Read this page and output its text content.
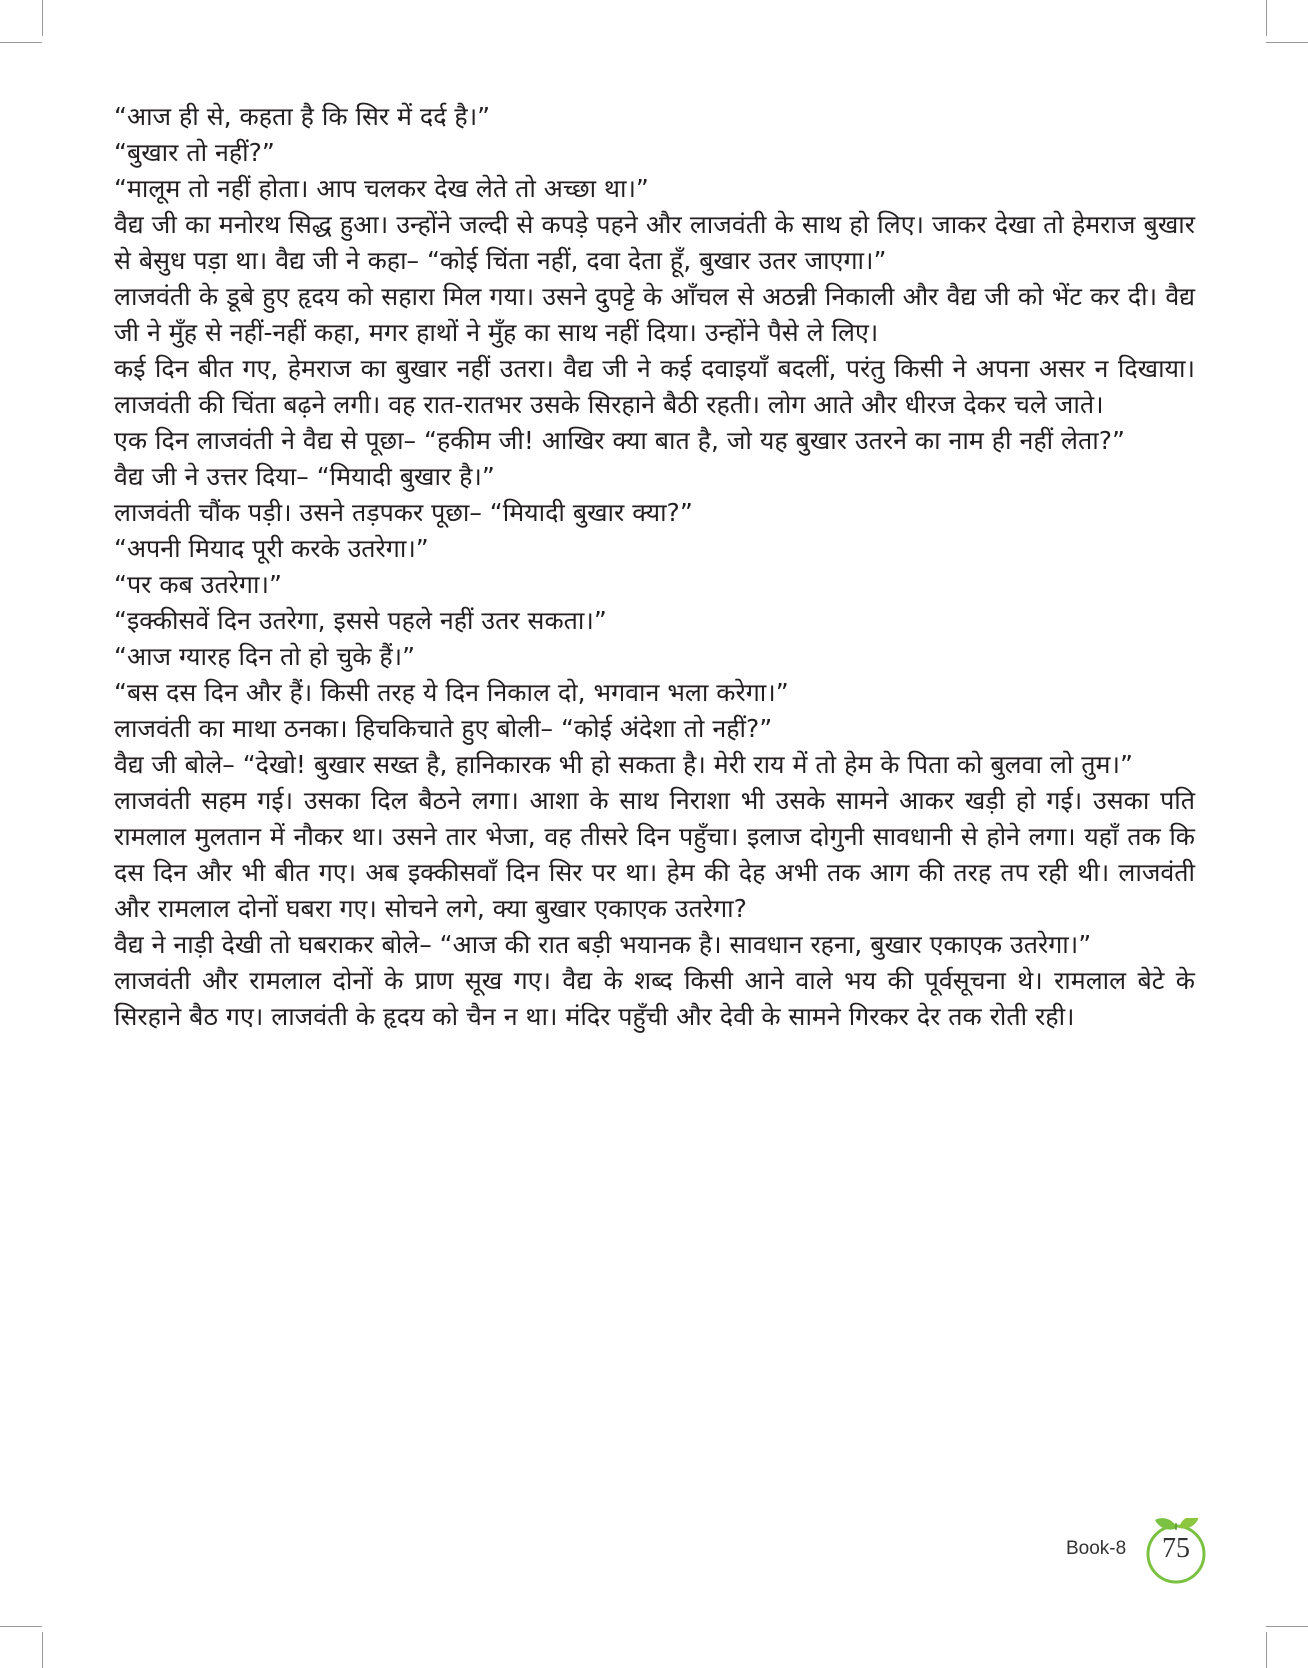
“आज ही से, कहता है कि सिर में दर्द है।”

“बुखार तो नहीं?”

“मालूम तो नहीं होता। आप चलकर देख लेते तो अच्छा था।”

वैद्य जी का मनोरथ सिद्ध हुआ। उन्होंने जल्दी से कपड़े पहने और लाजवंती के साथ हो लिए। जाकर देखा तो हेमराज बुखार से बेसुध पड़ा था। वैद्य जी ने कहा– “कोई चिंता नहीं, दवा देता हूँ, बुखार उतर जाएगा।”

लाजवंती के डूबे हुए हृदय को सहारा मिल गया। उसने दुपट्टे के आँचल से अठन्नी निकाली और वैद्य जी को भेंट कर दी। वैद्य जी ने मुँह से नहीं-नहीं कहा, मगर हाथों ने मुँह का साथ नहीं दिया। उन्होंने पैसे ले लिए।

कई दिन बीत गए, हेमराज का बुखार नहीं उतरा। वैद्य जी ने कई दवाइयाँ बदलीं, परंतु किसी ने अपना असर न दिखाया। लाजवंती की चिंता बढ़ने लगी। वह रात-रातभर उसके सिरहाने बैठी रहती। लोग आते और धीरज देकर चले जाते।

एक दिन लाजवंती ने वैद्य से पूछा– “हकीम जी! आखिर क्या बात है, जो यह बुखार उतरने का नाम ही नहीं लेता?”

वैद्य जी ने उत्तर दिया– “मियादी बुखार है।”

लाजवंती चौंक पड़ी। उसने तड़पकर पूछा– “मियादी बुखार क्या?”

“अपनी मियाद पूरी करके उतरेगा।”

“पर कब उतरेगा।”

“इक्कीसवें दिन उतरेगा, इससे पहले नहीं उतर सकता।”

“आज ग्यारह दिन तो हो चुके हैं।”

“बस दस दिन और हैं। किसी तरह ये दिन निकाल दो, भगवान भला करेगा।”

लाजवंती का माथा ठनका। हिचकिचाते हुए बोली– “कोई अंदेशा तो नहीं?”

वैद्य जी बोले– “देखो! बुखार सख्त है, हानिकारक भी हो सकता है। मेरी राय में तो हेम के पिता को बुलवा लो तुम।”

लाजवंती सहम गई। उसका दिल बैठने लगा। आशा के साथ निराशा भी उसके सामने आकर खड़ी हो गई। उसका पति रामलाल मुलतान में नौकर था। उसने तार भेजा, वह तीसरे दिन पहुँचा। इलाज दोगुनी सावधानी से होने लगा। यहाँ तक कि दस दिन और भी बीत गए। अब इक्कीसवाँ दिन सिर पर था। हेम की देह अभी तक आग की तरह तप रही थी। लाजवंती और रामलाल दोनों घबरा गए। सोचने लगे, क्या बुखार एकाएक उतरेगा?

वैद्य ने नाड़ी देखी तो घबराकर बोले– “आज की रात बड़ी भयानक है। सावधान रहना, बुखार एकाएक उतरेगा।”

लाजवंती और रामलाल दोनों के प्राण सूख गए। वैद्य के शब्द किसी आने वाले भय की पूर्वसूचना थे। रामलाल बेटे के सिरहाने बैठ गए। लाजवंती के हृदय को चैन न था। मंदिर पहुँची और देवी के सामने गिरकर देर तक रोती रही।

Book-8	75
